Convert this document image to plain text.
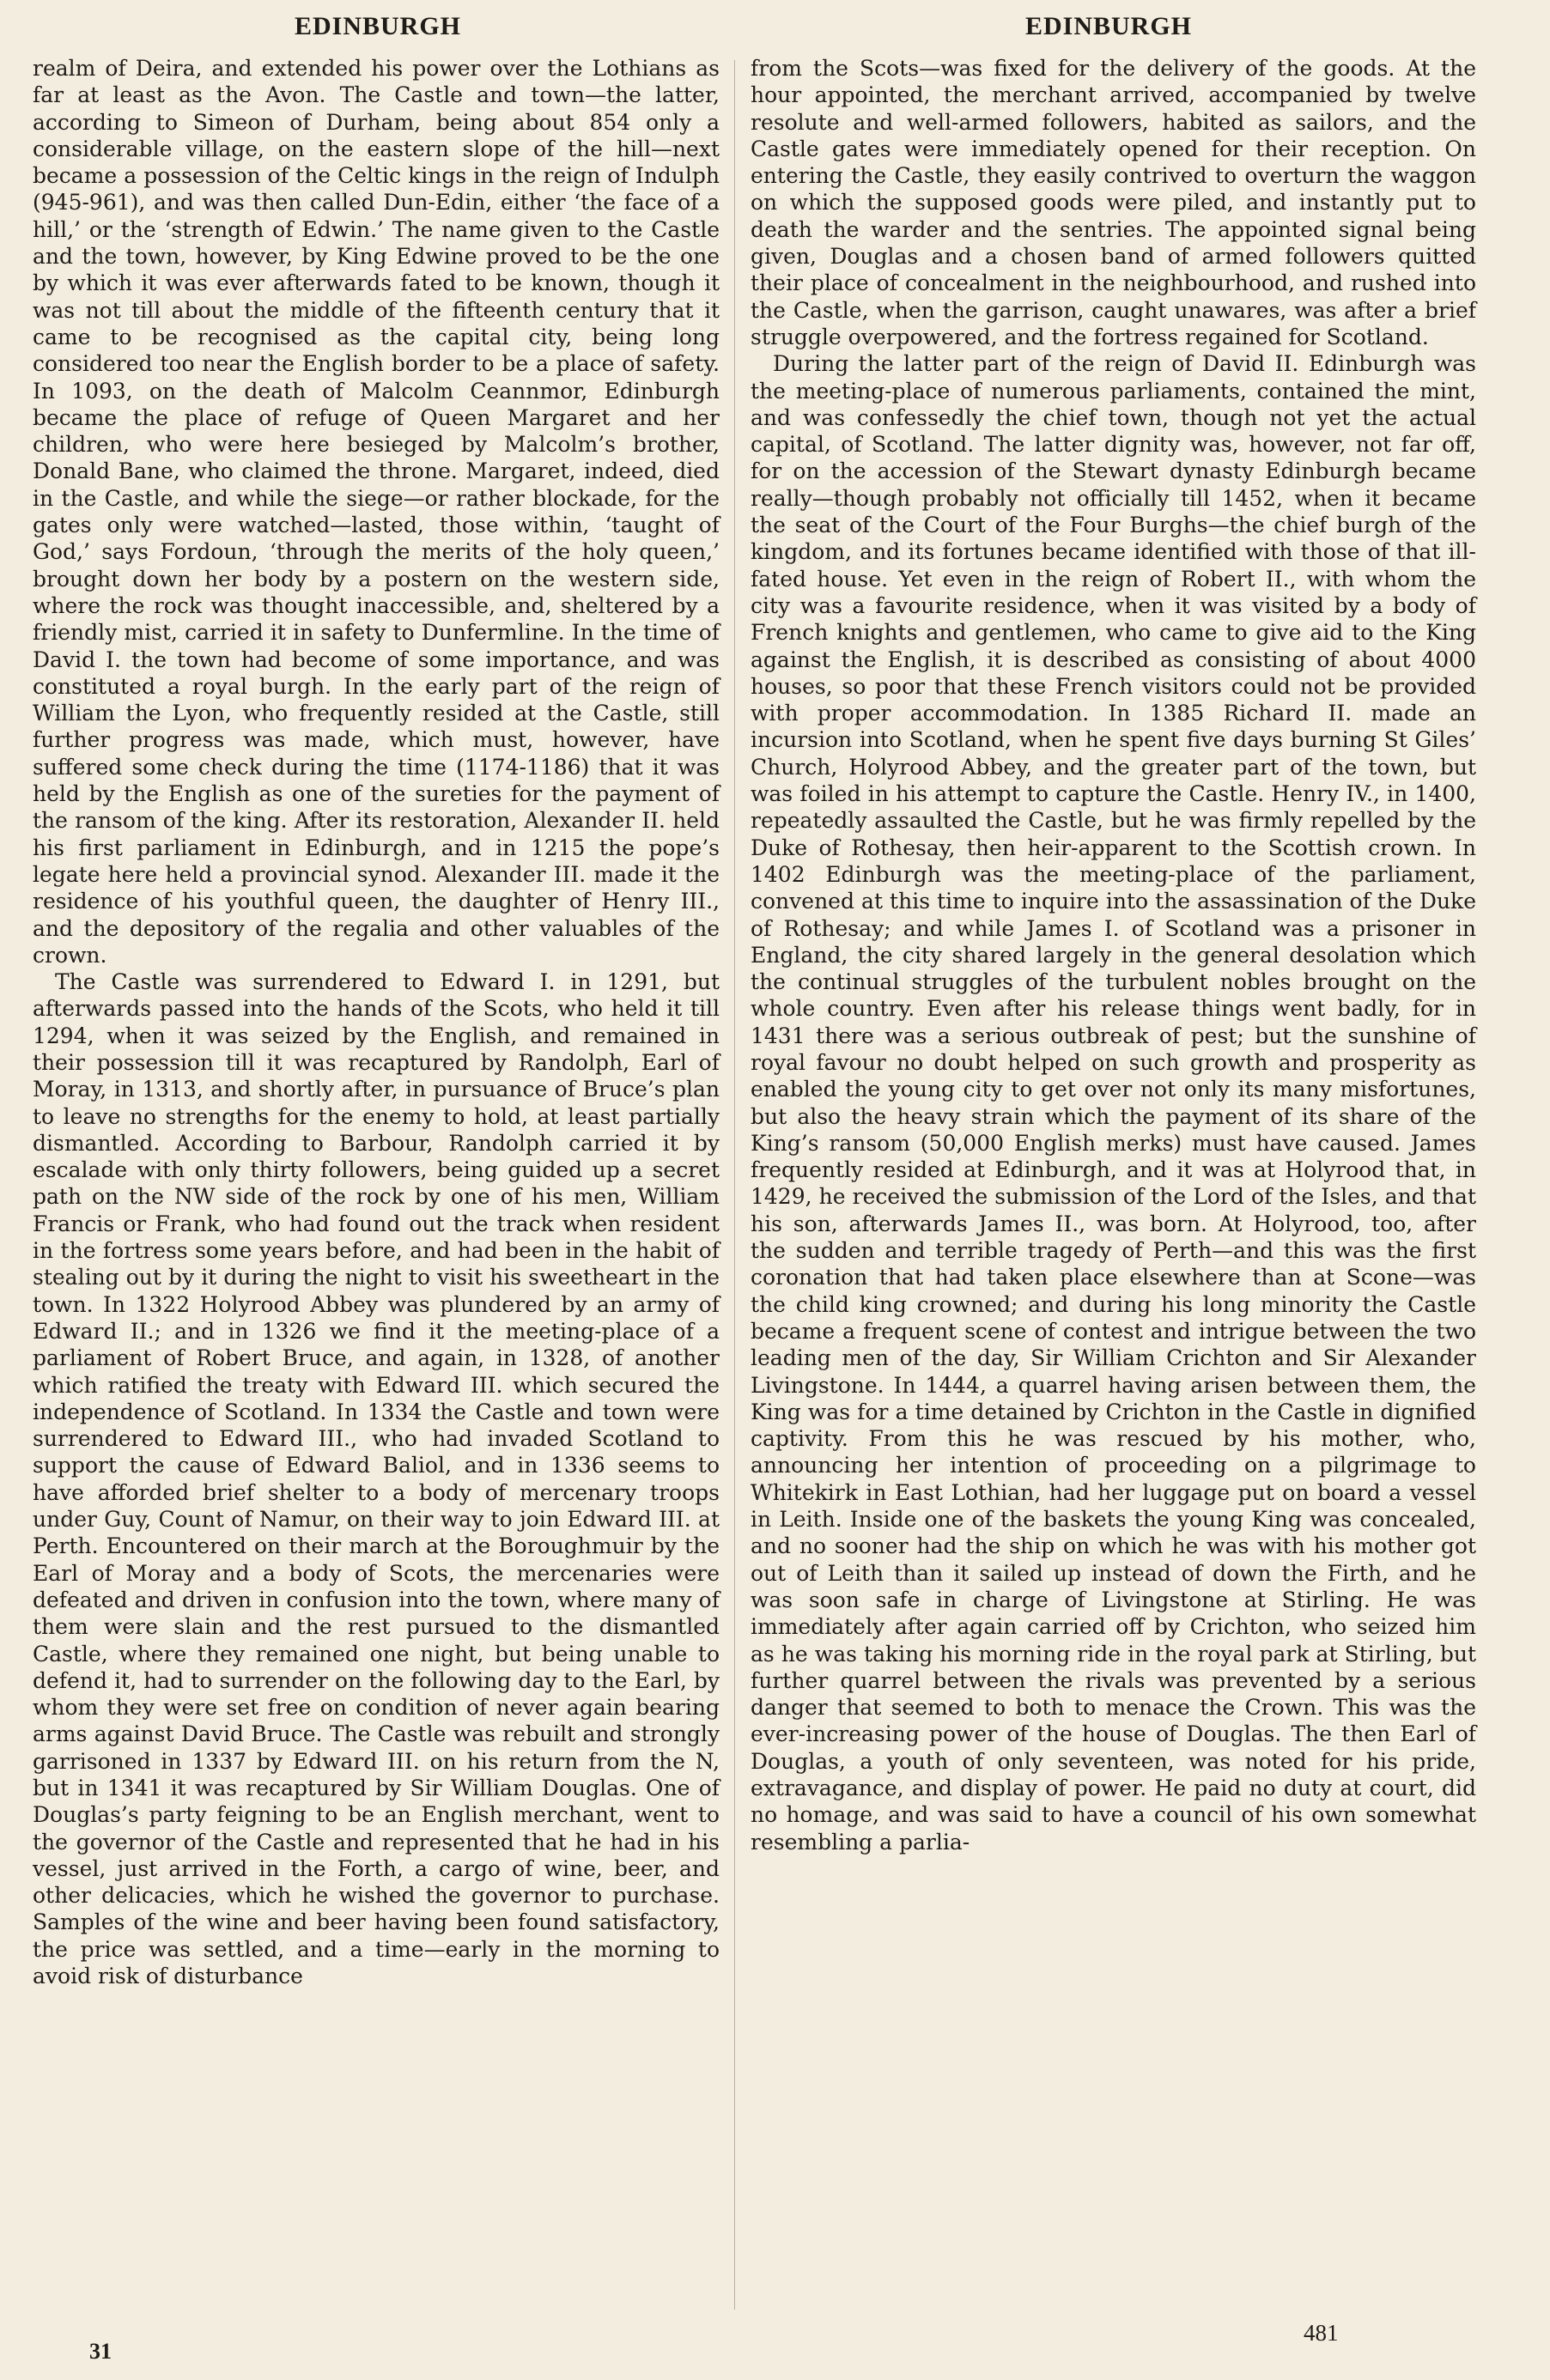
EDINBURGH	EDINBURGH

realm of Deira, and extended his power over the Lothians as far at least as the Avon. The Castle and town—the latter, according to Simeon of Durham, being about 854 only a considerable village, on the eastern slope of the hill—next became a possession of the Celtic kings in the reign of Indulph (945-961), and was then called Dun-Edin, either ‘the face of a hill,’ or the ‘strength of Edwin.’ The name given to the Castle and the town, however, by King Edwine proved to be the one by which it was ever afterwards fated to be known, though it was not till about the middle of the fifteenth century that it came to be recognised as the capital city, being long considered too near the English border to be a place of safety. In 1093, on the death of Malcolm Ceannmor, Edinburgh became the place of refuge of Queen Margaret and her children, who were here besieged by Malcolm’s brother, Donald Bane, who claimed the throne. Margaret, indeed, died in the Castle, and while the siege—or rather blockade, for the gates only were watched—lasted, those within, ‘taught of God,’ says Fordoun, ‘through the merits of the holy queen,’ brought down her body by a postern on the western side, where the rock was thought inaccessible, and, sheltered by a friendly mist, carried it in safety to Dunfermline. In the time of David I. the town had become of some importance, and was constituted a royal burgh. In the early part of the reign of William the Lyon, who frequently resided at the Castle, still further progress was made, which must, however, have suffered some check during the time (1174-1186) that it was held by the English as one of the sureties for the payment of the ransom of the king. After its restoration, Alexander II. held his first parliament in Edinburgh, and in 1215 the pope’s legate here held a provincial synod. Alexander III. made it the residence of his youthful queen, the daughter of Henry III., and the depository of the regalia and other valuables of the crown.

The Castle was surrendered to Edward I. in 1291, but afterwards passed into the hands of the Scots, who held it till 1294, when it was seized by the English, and remained in their possession till it was recaptured by Randolph, Earl of Moray, in 1313, and shortly after, in pursuance of Bruce’s plan to leave no strengths for the enemy to hold, at least partially dismantled. According to Barbour, Randolph carried it by escalade with only thirty followers, being guided up a secret path on the NW side of the rock by one of his men, William Francis or Frank, who had found out the track when resident in the fortress some years before, and had been in the habit of stealing out by it during the night to visit his sweetheart in the town. In 1322 Holyrood Abbey was plundered by an army of Edward II.; and in 1326 we find it the meeting-place of a parliament of Robert Bruce, and again, in 1328, of another which ratified the treaty with Edward III. which secured the independence of Scotland. In 1334 the Castle and town were surrendered to Edward III., who had invaded Scotland to support the cause of Edward Baliol, and in 1336 seems to have afforded brief shelter to a body of mercenary troops under Guy, Count of Namur, on their way to join Edward III. at Perth. Encountered on their march at the Boroughmuir by the Earl of Moray and a body of Scots, the mercenaries were defeated and driven in confusion into the town, where many of them were slain and the rest pursued to the dismantled Castle, where they remained one night, but being unable to defend it, had to surrender on the following day to the Earl, by whom they were set free on condition of never again bearing arms against David Bruce. The Castle was rebuilt and strongly garrisoned in 1337 by Edward III. on his return from the N, but in 1341 it was recaptured by Sir William Douglas. One of Douglas’s party feigning to be an English merchant, went to the governor of the Castle and represented that he had in his vessel, just arrived in the Forth, a cargo of wine, beer, and other delicacies, which he wished the governor to purchase. Samples of the wine and beer having been found satisfactory, the price was settled, and a time—early in the morning to avoid risk of disturbance

from the Scots—was fixed for the delivery of the goods. At the hour appointed, the merchant arrived, accompanied by twelve resolute and well-armed followers, habited as sailors, and the Castle gates were immediately opened for their reception. On entering the Castle, they easily contrived to overturn the waggon on which the supposed goods were piled, and instantly put to death the warder and the sentries. The appointed signal being given, Douglas and a chosen band of armed followers quitted their place of concealment in the neighbourhood, and rushed into the Castle, when the garrison, caught unawares, was after a brief struggle overpowered, and the fortress regained for Scotland.

During the latter part of the reign of David II. Edinburgh was the meeting-place of numerous parliaments, contained the mint, and was confessedly the chief town, though not yet the actual capital, of Scotland. The latter dignity was, however, not far off, for on the accession of the Stewart dynasty Edinburgh became really—though probably not officially till 1452, when it became the seat of the Court of the Four Burghs—the chief burgh of the kingdom, and its fortunes became identified with those of that ill-fated house. Yet even in the reign of Robert II., with whom the city was a favourite residence, when it was visited by a body of French knights and gentlemen, who came to give aid to the King against the English, it is described as consisting of about 4000 houses, so poor that these French visitors could not be provided with proper accommodation. In 1385 Richard II. made an incursion into Scotland, when he spent five days burning St Giles’ Church, Holyrood Abbey, and the greater part of the town, but was foiled in his attempt to capture the Castle. Henry IV., in 1400, repeatedly assaulted the Castle, but he was firmly repelled by the Duke of Rothesay, then heir-apparent to the Scottish crown. In 1402 Edinburgh was the meeting-place of the parliament, convened at this time to inquire into the assassination of the Duke of Rothesay; and while James I. of Scotland was a prisoner in England, the city shared largely in the general desolation which the continual struggles of the turbulent nobles brought on the whole country. Even after his release things went badly, for in 1431 there was a serious outbreak of pest; but the sunshine of royal favour no doubt helped on such growth and prosperity as enabled the young city to get over not only its many misfortunes, but also the heavy strain which the payment of its share of the King’s ransom (50,000 English merks) must have caused. James frequently resided at Edinburgh, and it was at Holyrood that, in 1429, he received the submission of the Lord of the Isles, and that his son, afterwards James II., was born. At Holyrood, too, after the sudden and terrible tragedy of Perth—and this was the first coronation that had taken place elsewhere than at Scone—was the child king crowned; and during his long minority the Castle became a frequent scene of contest and intrigue between the two leading men of the day, Sir William Crichton and Sir Alexander Livingstone. In 1444, a quarrel having arisen between them, the King was for a time detained by Crichton in the Castle in dignified captivity. From this he was rescued by his mother, who, announcing her intention of proceeding on a pilgrimage to Whitekirk in East Lothian, had her luggage put on board a vessel in Leith. Inside one of the baskets the young King was concealed, and no sooner had the ship on which he was with his mother got out of Leith than it sailed up instead of down the Firth, and he was soon safe in charge of Livingstone at Stirling. He was immediately after again carried off by Crichton, who seized him as he was taking his morning ride in the royal park at Stirling, but further quarrel between the rivals was prevented by a serious danger that seemed to both to menace the Crown. This was the ever-increasing power of the house of Douglas. The then Earl of Douglas, a youth of only seventeen, was noted for his pride, extravagance, and display of power. He paid no duty at court, did no homage, and was said to have a council of his own somewhat resembling a parlia-

31
481
